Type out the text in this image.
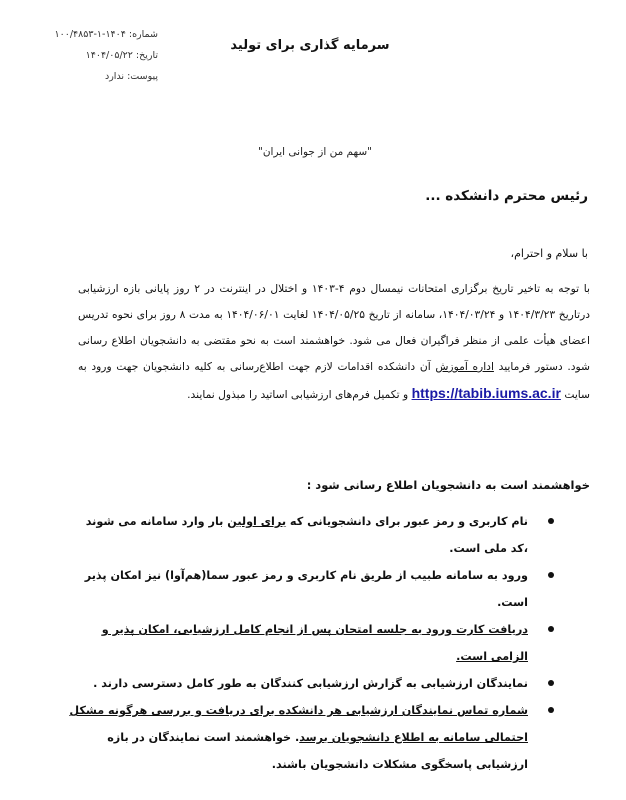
شماره: ۱۴۰۴-۱-۱۰۰/۴۸۵۳
تاریخ: ۱۴۰۴/۰۵/۲۲
پیوست: ندارد
سرمایه گذاری برای تولید
"سهم من از جوانی ایران"
رئیس محترم دانشکده ...
با سلام و احترام،

با توجه به تاخیر تاریخ برگزاری امتحانات نیمسال دوم ۴-۱۴۰۳ و اختلال در اینترنت در ۲ روز پایانی بازه ارزشیابی درتاریخ ۱۴۰۴/۳/۲۳ و ۱۴۰۴/۰۳/۲۴، سامانه از تاریخ ۱۴۰۴/۰۵/۲۵ لغایت ۱۴۰۴/۰۶/۰۱ به مدت ۸ روز برای نحوه تدریس اعضای هیأت علمی از منظر فراگیران فعال می شود. خواهشمند است به نحو مقتضی به دانشجویان اطلاع رسانی شود. دستور فرمایید اداره آموزش آن دانشکده اقدامات لازم جهت اطلاع‌رسانی به کلیه دانشجویان جهت ورود به سایت https://tabib.iums.ac.ir و تکمیل فرم‌های ارزشیابی اساتید را مبذول نمایند.

خواهشمند است به دانشجویان اطلاع رسانی شود :
نام کاربری و رمز عبور برای دانشجویانی که برای اولین بار وارد سامانه می شوند ،کد ملی است.
ورود به سامانه طبیب از طریق نام کاربری و رمز عبور سما(هم‌آوا) نیز امکان پذیر است.
دریافت کارت ورود به جلسه امتحان پس از انجام کامل ارزشیابی، امکان پذیر و الزامی است.
نمایندگان ارزشیابی به گزارش ارزشیابی کنندگان به طور کامل دسترسی دارند .
شماره تماس نمایندگان ارزشیابی هر دانشکده برای دریافت و بررسی هرگونه مشکل احتمالی سامانه به اطلاع دانشجویان برسد. خواهشمند است نمایندگان در بازه ارزشیابی پاسخگوی مشکلات دانشجویان باشند.
